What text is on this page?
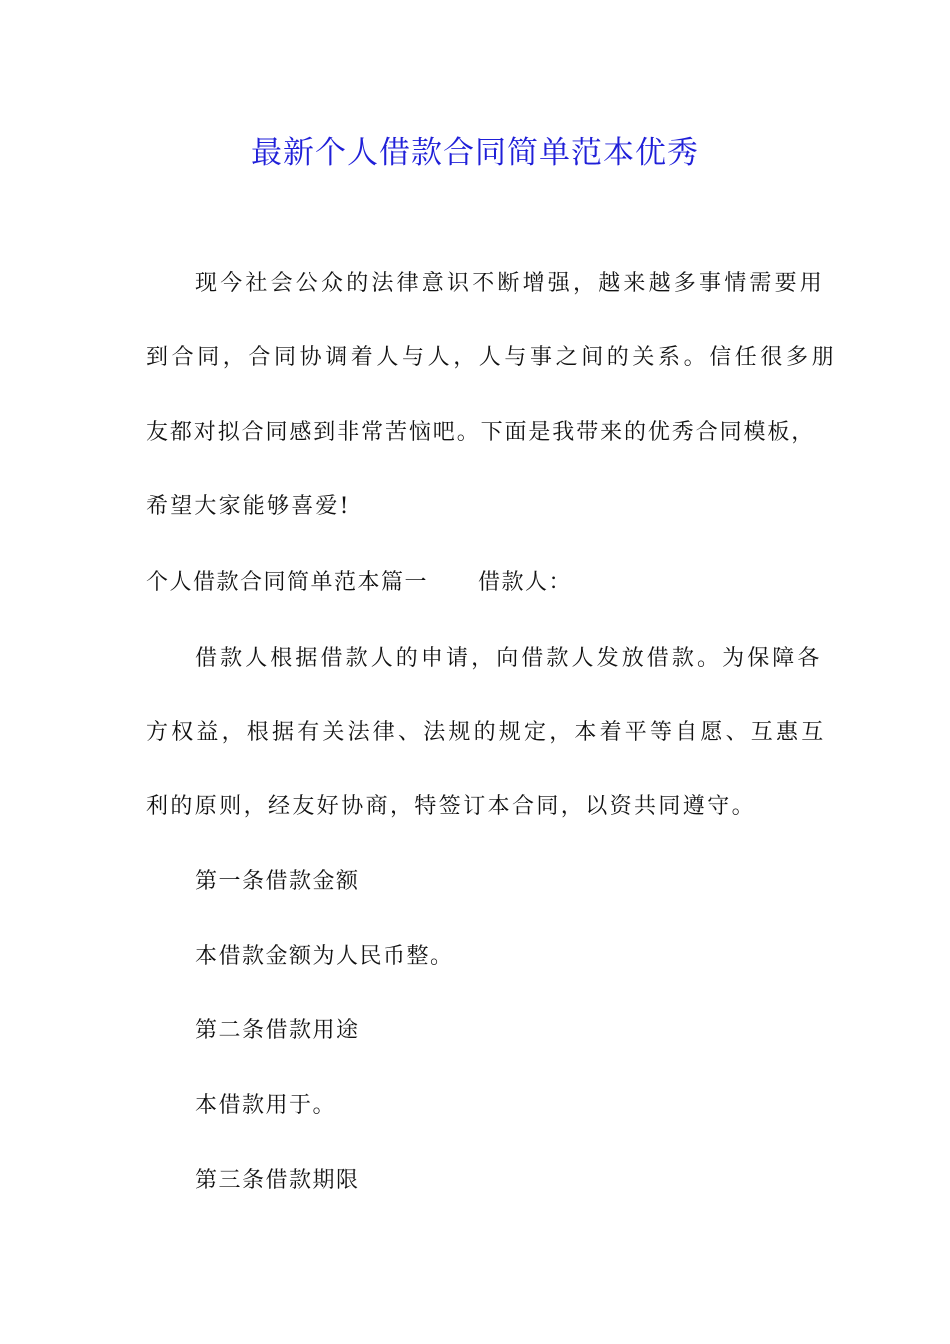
最新个人借款合同简单范本优秀

现今社会公众的法律意识不断增强，越来越多事情需要用

到合同，合同协调着人与人，人与事之间的关系。信任很多朋

友都对拟合同感到非常苦恼吧。下面是我带来的优秀合同模板，

希望大家能够喜爱!

个人借款合同简单范本篇一 借款人：

借款人根据借款人的申请，向借款人发放借款。为保障各

方权益，根据有关法律、法规的规定，本着平等自愿、互惠互

利的原则，经友好协商，特签订本合同，以资共同遵守。

第一条借款金额

本借款金额为人民币整。

第二条借款用途

本借款用于。

第三条借款期限
